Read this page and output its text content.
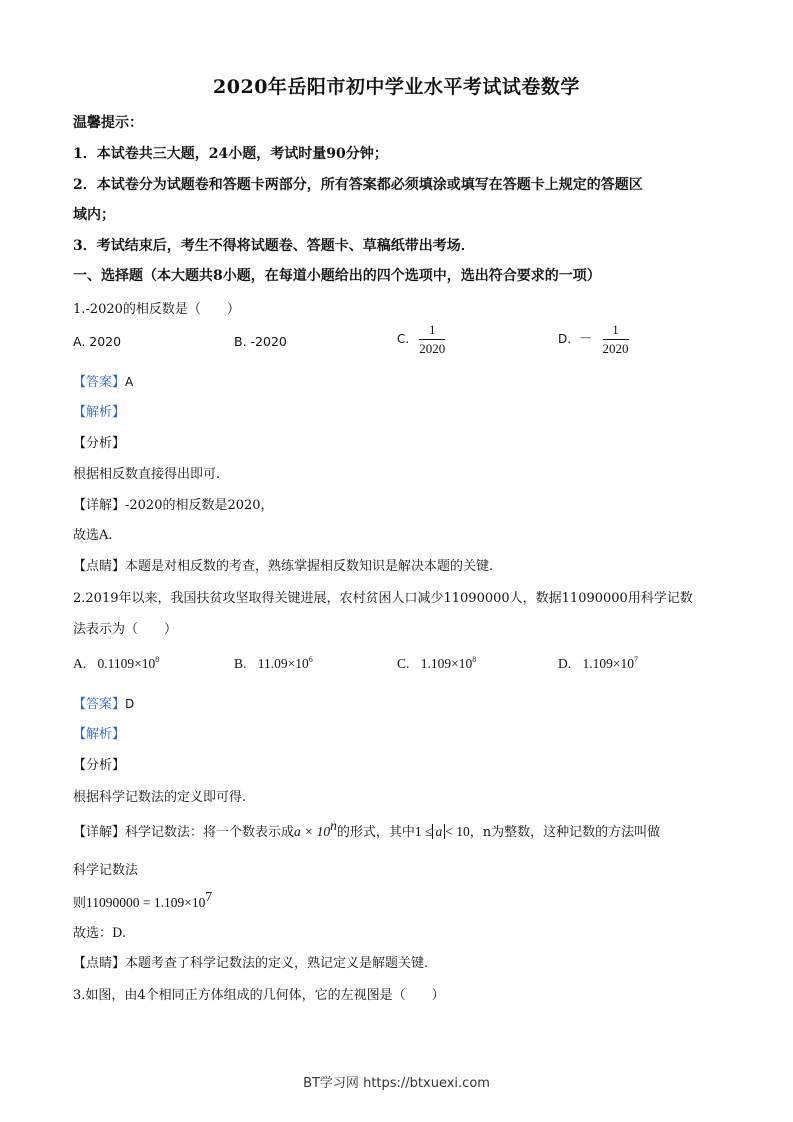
2020年岳阳市初中学业水平考试试卷数学
温馨提示：
1．本试卷共三大题，24小题，考试时量90分钟；
2．本试卷分为试题卷和答题卡两部分，所有答案都必须填涂或填写在答题卡上规定的答题区
域内；
3．考试结束后，考生不得将试题卷、答题卡、草稿纸带出考场．
一、选择题（本大题共8小题，在每道小题给出的四个选项中，选出符合要求的一项）
1.-2020的相反数是（　　）
A. 2020	B. -2020	C. $\frac{1}{2020}$	D. － $\frac{1}{2020}$
【答案】A
【解析】
【分析】
根据相反数直接得出即可.
【详解】-2020的相反数是2020，
故选A.
【点睛】本题是对相反数的考查，熟练掌握相反数知识是解决本题的关键.
2.2019年以来，我国扶贫攻坚取得关键进展，农村贫困人口减少11090000人，数据11090000用科学记数
法表示为（　　）
A. $0.1109\times 10^8$	B. $11.09\times 10^6$	C. $1.109\times 10^8$	D. $1.109\times 10^7$
【答案】D
【解析】
【分析】
根据科学记数法的定义即可得.
【详解】科学记数法：将一个数表示成$a \times 10^n$的形式，其中1 ≤ a < 10，n为整数，这种记数的方法叫做
科学记数法
则$11090000 = 1.109\times 10^7$
故选：D.
【点睛】本题考查了科学记数法的定义，熟记定义是解题关键.
3.如图，由4个相同正方体组成的几何体，它的左视图是（　　）
BT学习网 https://btxuexi.com
